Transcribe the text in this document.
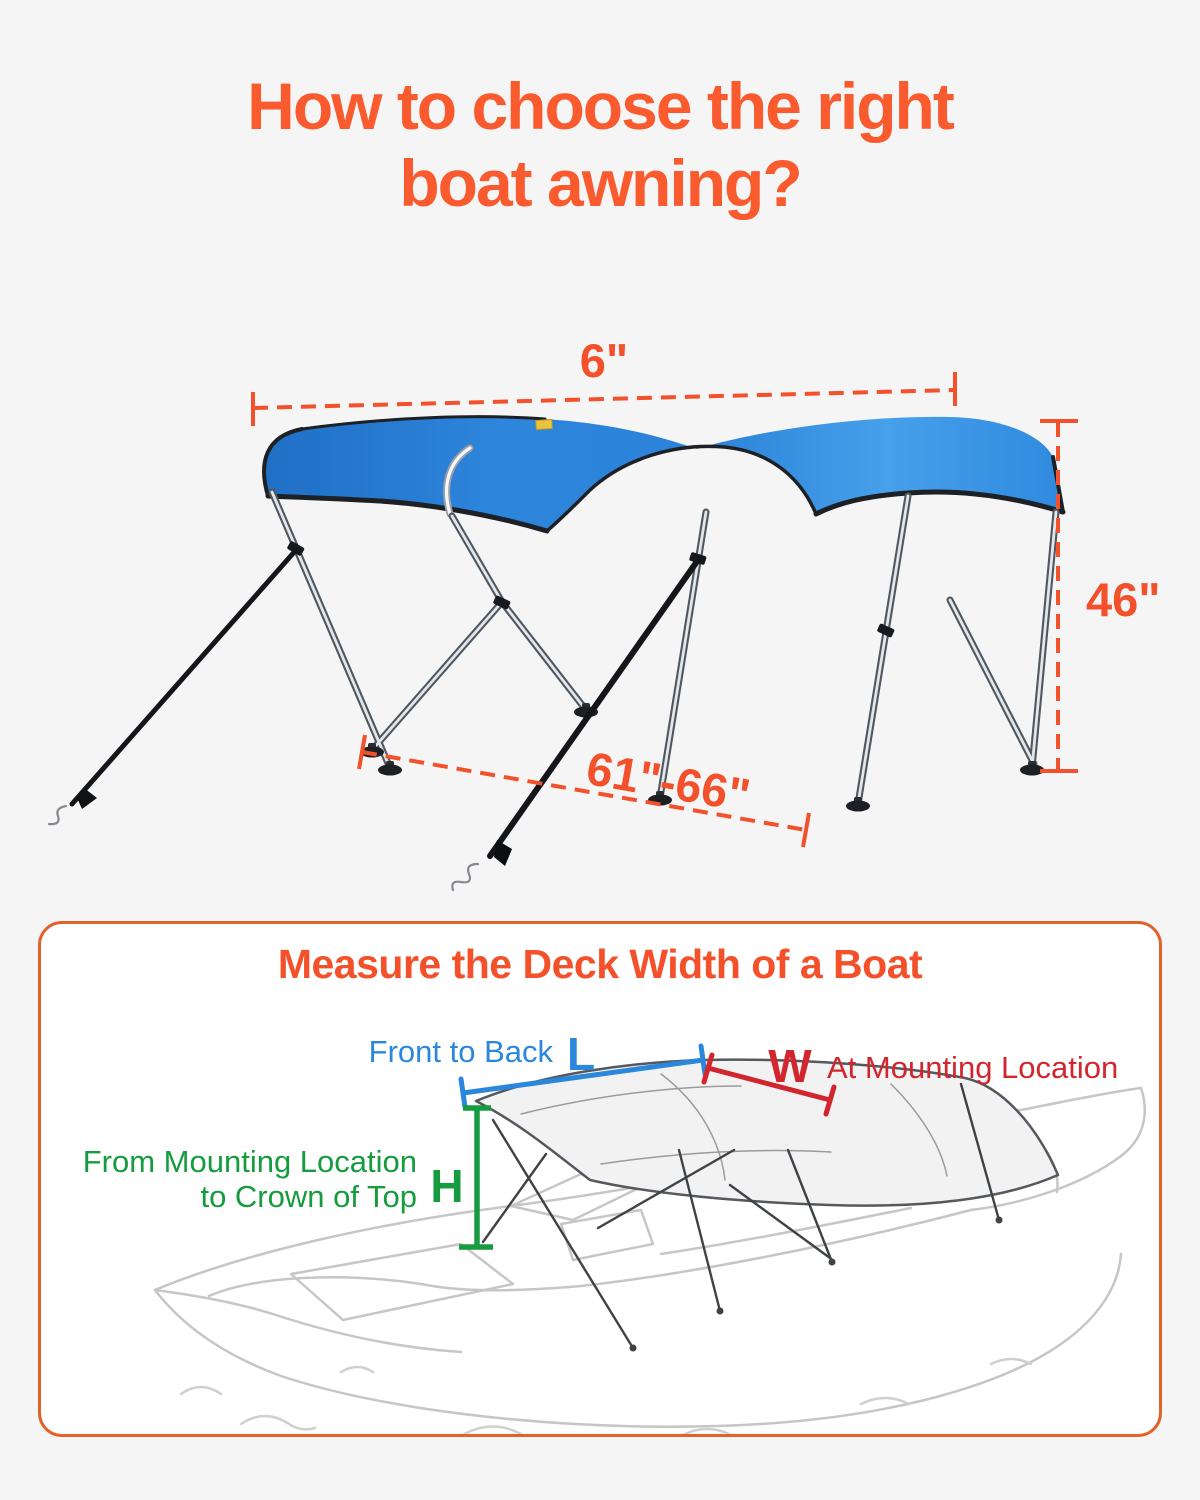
How to choose the right
boat awning?
6"
46"
61"-66"
Measure the Deck Width of a Boat
Front to Back L	W At Mounting Location
From Mounting Location
to Crown of Top H
